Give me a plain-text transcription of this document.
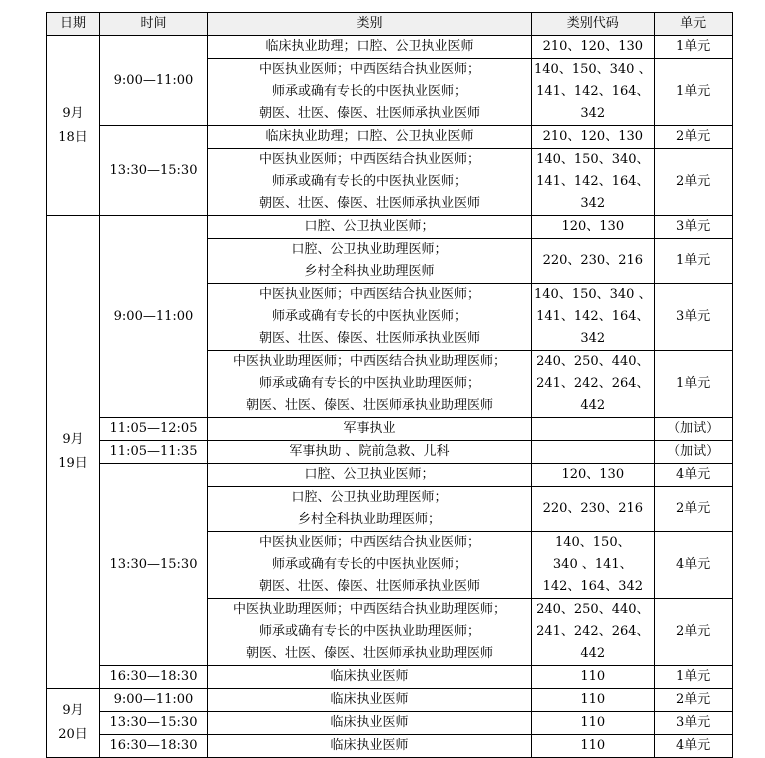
日期	时间	类别	类别代码	单元

9月
18日	9:00—11:00	临床执业助理；口腔、公卫执业医师	210、120、130	1单元

		中医执业医师；中西医结合执业医师；
师承或确有专长的中医执业医师；
朝医、壮医、傣医、壮医师承执业医师	140、150、340 、
141、142、164、
342	1单元
	13:30—15:30	临床执业助理；口腔、公卫执业医师	210、120、130	2单元

		中医执业医师；中西医结合执业医师；
师承或确有专长的中医执业医师；
朝医、壮医、傣医、壮医师承执业医师	140、150、340、
141、142、164、
342	2单元

9月
19日	9:00—11:00	口腔、公卫执业医师；	120、130	3单元

		口腔、公卫执业助理医师；
乡村全科执业助理医师	220、230、216	1单元

		中医执业医师；中西医结合执业医师；
师承或确有专长的中医执业医师；
朝医、壮医、傣医、壮医师承执业医师	140、150、340 、
141、142、164、
342	3单元

		中医执业助理医师；中西医结合执业助理医师；
师承或确有专长的中医执业助理医师；
朝医、壮医、傣医、壮医师承执业助理医师	240、250、440、
241、242、264、
442	1单元
	11:05—12:05	军事执业		（加试）
	11:05—11:35	军事执助 、院前急救、儿科		（加试）
	13:30—15:30	口腔、公卫执业医师；	120、130	4单元

		口腔、公卫执业助理医师；
乡村全科执业助理医师；	220、230、216	2单元

		中医执业医师；中西医结合执业医师；
师承或确有专长的中医执业医师；
朝医、壮医、傣医、壮医师承执业医师	140、150、
340 、141、
142、164、342	4单元

		中医执业助理医师；中西医结合执业助理医师；
师承或确有专长的中医执业助理医师；
朝医、壮医、傣医、壮医师承执业助理医师	240、250、440、
241、242、264、
442	2单元
	16:30—18:30	临床执业医师	110	1单元

9月
20日	9:00—11:00	临床执业医师	110	2单元
	13:30—15:30	临床执业医师	110	3单元
	16:30—18:30	临床执业医师	110	4单元
